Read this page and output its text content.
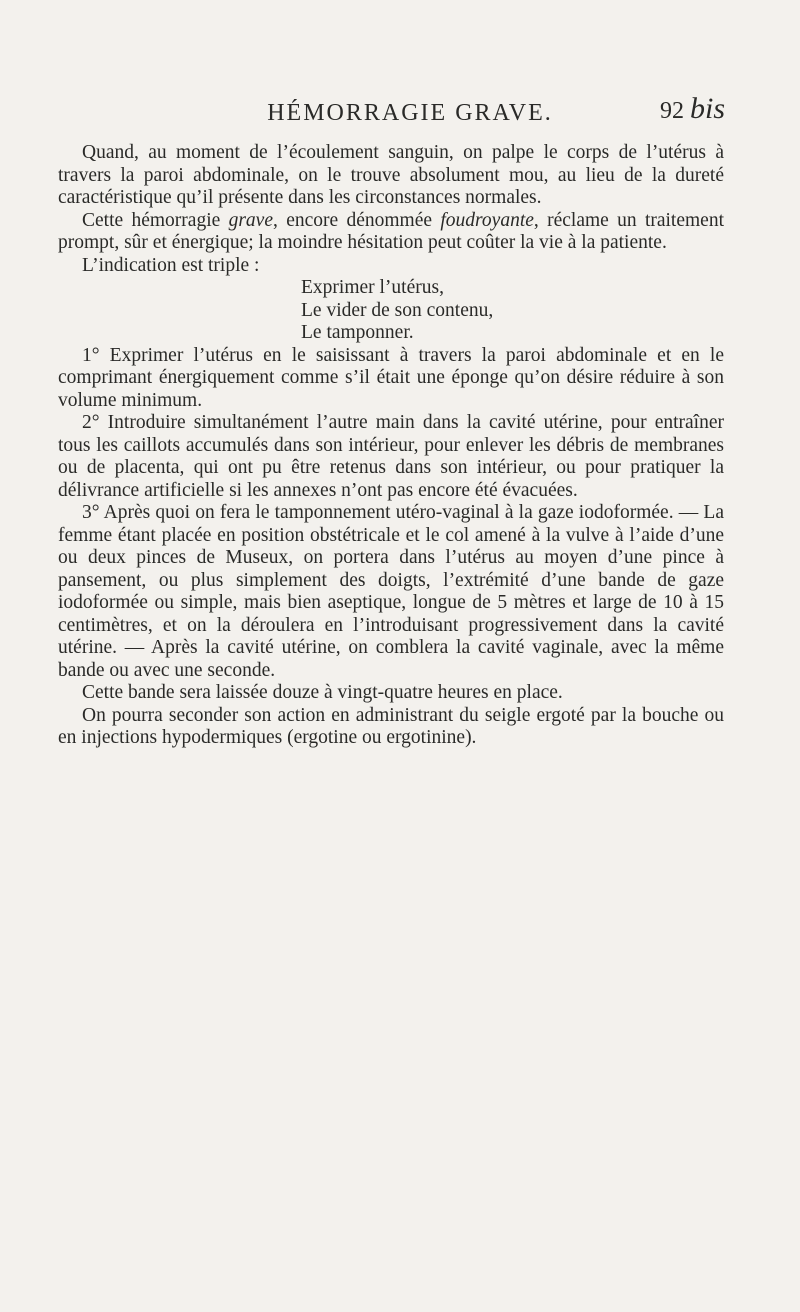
HÉMORRAGIE GRAVE.	92 bis

Quand, au moment de l’écoulement sanguin, on palpe le corps de l’utérus à travers la paroi abdominale, on le trouve absolument mou, au lieu de la dureté caractéristique qu’il présente dans les circonstances normales.

Cette hémorragie grave, encore dénommée foudroyante, réclame un traitement prompt, sûr et énergique; la moindre hésitation peut coûter la vie à la patiente.

L’indication est triple :

Exprimer l’utérus,

Le vider de son contenu,

Le tamponner.

1° Exprimer l’utérus en le saisissant à travers la paroi abdominale et en le comprimant énergiquement comme s’il était une éponge qu’on désire réduire à son volume minimum.

2° Introduire simultanément l’autre main dans la cavité utérine, pour entraîner tous les caillots accumulés dans son intérieur, pour enlever les débris de membranes ou de placenta, qui ont pu être retenus dans son intérieur, ou pour pratiquer la délivrance artificielle si les annexes n’ont pas encore été évacuées.

3° Après quoi on fera le tamponnement utéro-vaginal à la gaze iodoformée. — La femme étant placée en position obstétricale et le col amené à la vulve à l’aide d’une ou deux pinces de Museux, on portera dans l’utérus au moyen d’une pince à pansement, ou plus simplement des doigts, l’extrémité d’une bande de gaze iodoformée ou simple, mais bien aseptique, longue de 5 mètres et large de 10 à 15 centimètres, et on la déroulera en l’introduisant progressivement dans la cavité utérine. — Après la cavité utérine, on comblera la cavité vaginale, avec la même bande ou avec une seconde.

Cette bande sera laissée douze à vingt-quatre heures en place.

On pourra seconder son action en administrant du seigle ergoté par la bouche ou en injections hypodermiques (ergotine ou ergotinine).
